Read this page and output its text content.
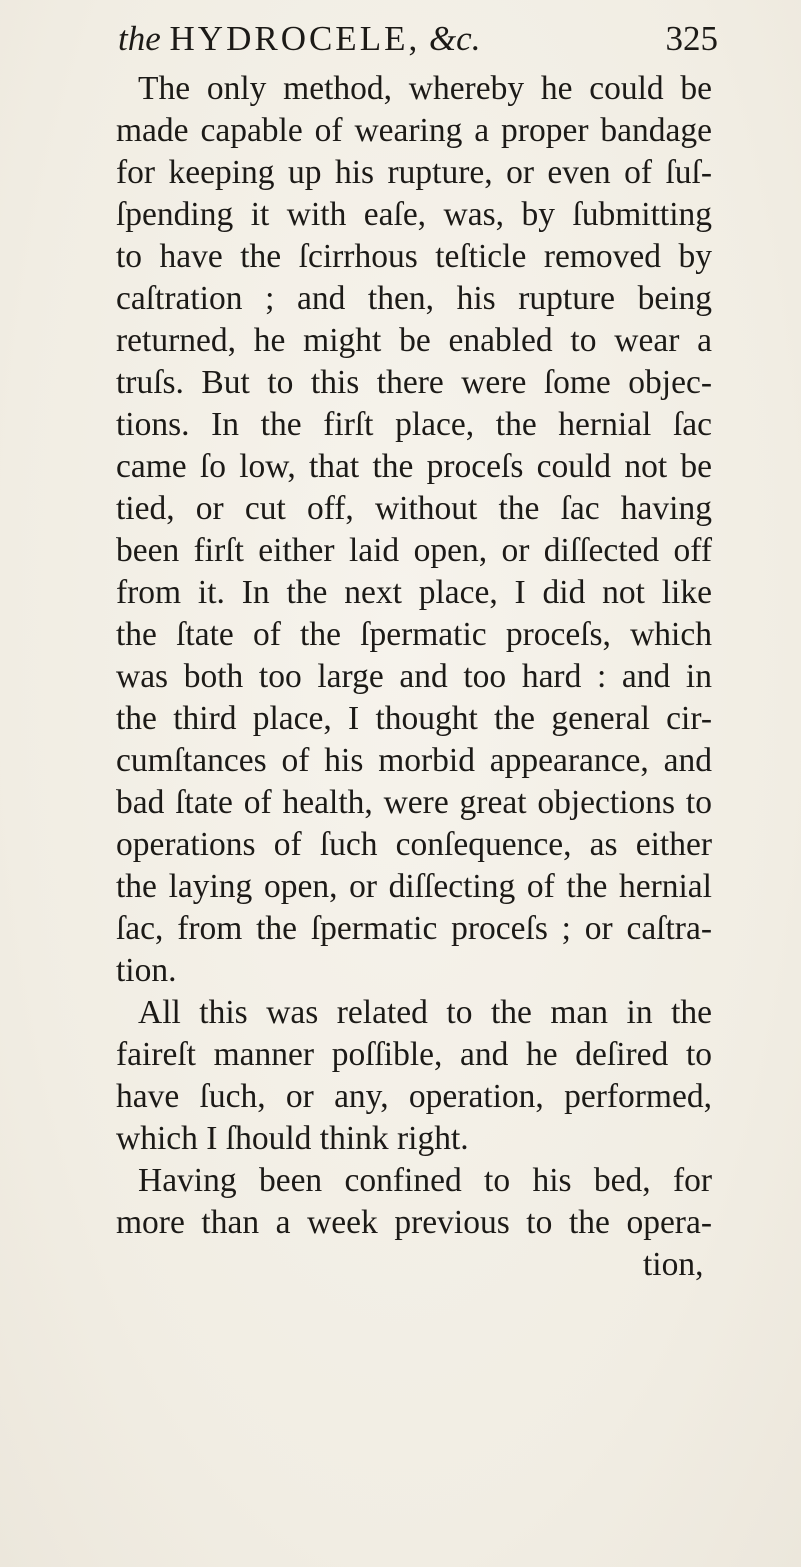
the HYDROCELE, &c.	325
The only method, whereby he could be
made capable of wearing a proper bandage
for keeping up his rupture, or even of ſuſ-
ſpending it with eaſe, was, by ſubmitting
to have the ſcirrhous teſticle removed by
caſtration ; and then, his rupture being
returned, he might be enabled to wear a
truſs. But to this there were ſome objec-
tions. In the firſt place, the hernial ſac
came ſo low, that the proceſs could not be
tied, or cut off, without the ſac having
been firſt either laid open, or diſſected off
from it. In the next place, I did not like
the ſtate of the ſpermatic proceſs, which
was both too large and too hard : and in
the third place, I thought the general cir-
cumſtances of his morbid appearance, and
bad ſtate of health, were great objections to
operations of ſuch conſequence, as either
the laying open, or diſſecting of the hernial
ſac, from the ſpermatic proceſs ; or caſtra-
tion.
All this was related to the man in the
faireſt manner poſſible, and he deſired to
have ſuch, or any, operation, performed,
which I ſhould think right.
Having been confined to his bed, for
more than a week previous to the opera-
tion,
